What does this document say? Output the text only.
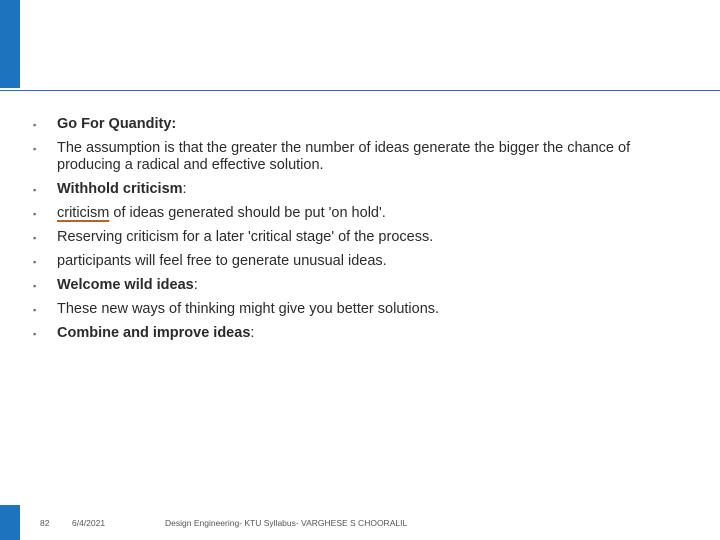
▪ Go For Quandity:
▪ The assumption is that the greater the number of ideas generate the bigger the chance of producing a radical and effective solution.
▪ Withhold criticism:
▪ criticism of ideas generated should be put 'on hold'.
▪ Reserving criticism for a later 'critical stage' of the process.
▪ participants will feel free to generate unusual ideas.
▪ Welcome wild ideas:
▪ These new ways of thinking might give you better solutions.
▪ Combine and improve ideas:
82	6/4/2021	Design Engineering- KTU Syllabus- VARGHESE S CHOORALIL
